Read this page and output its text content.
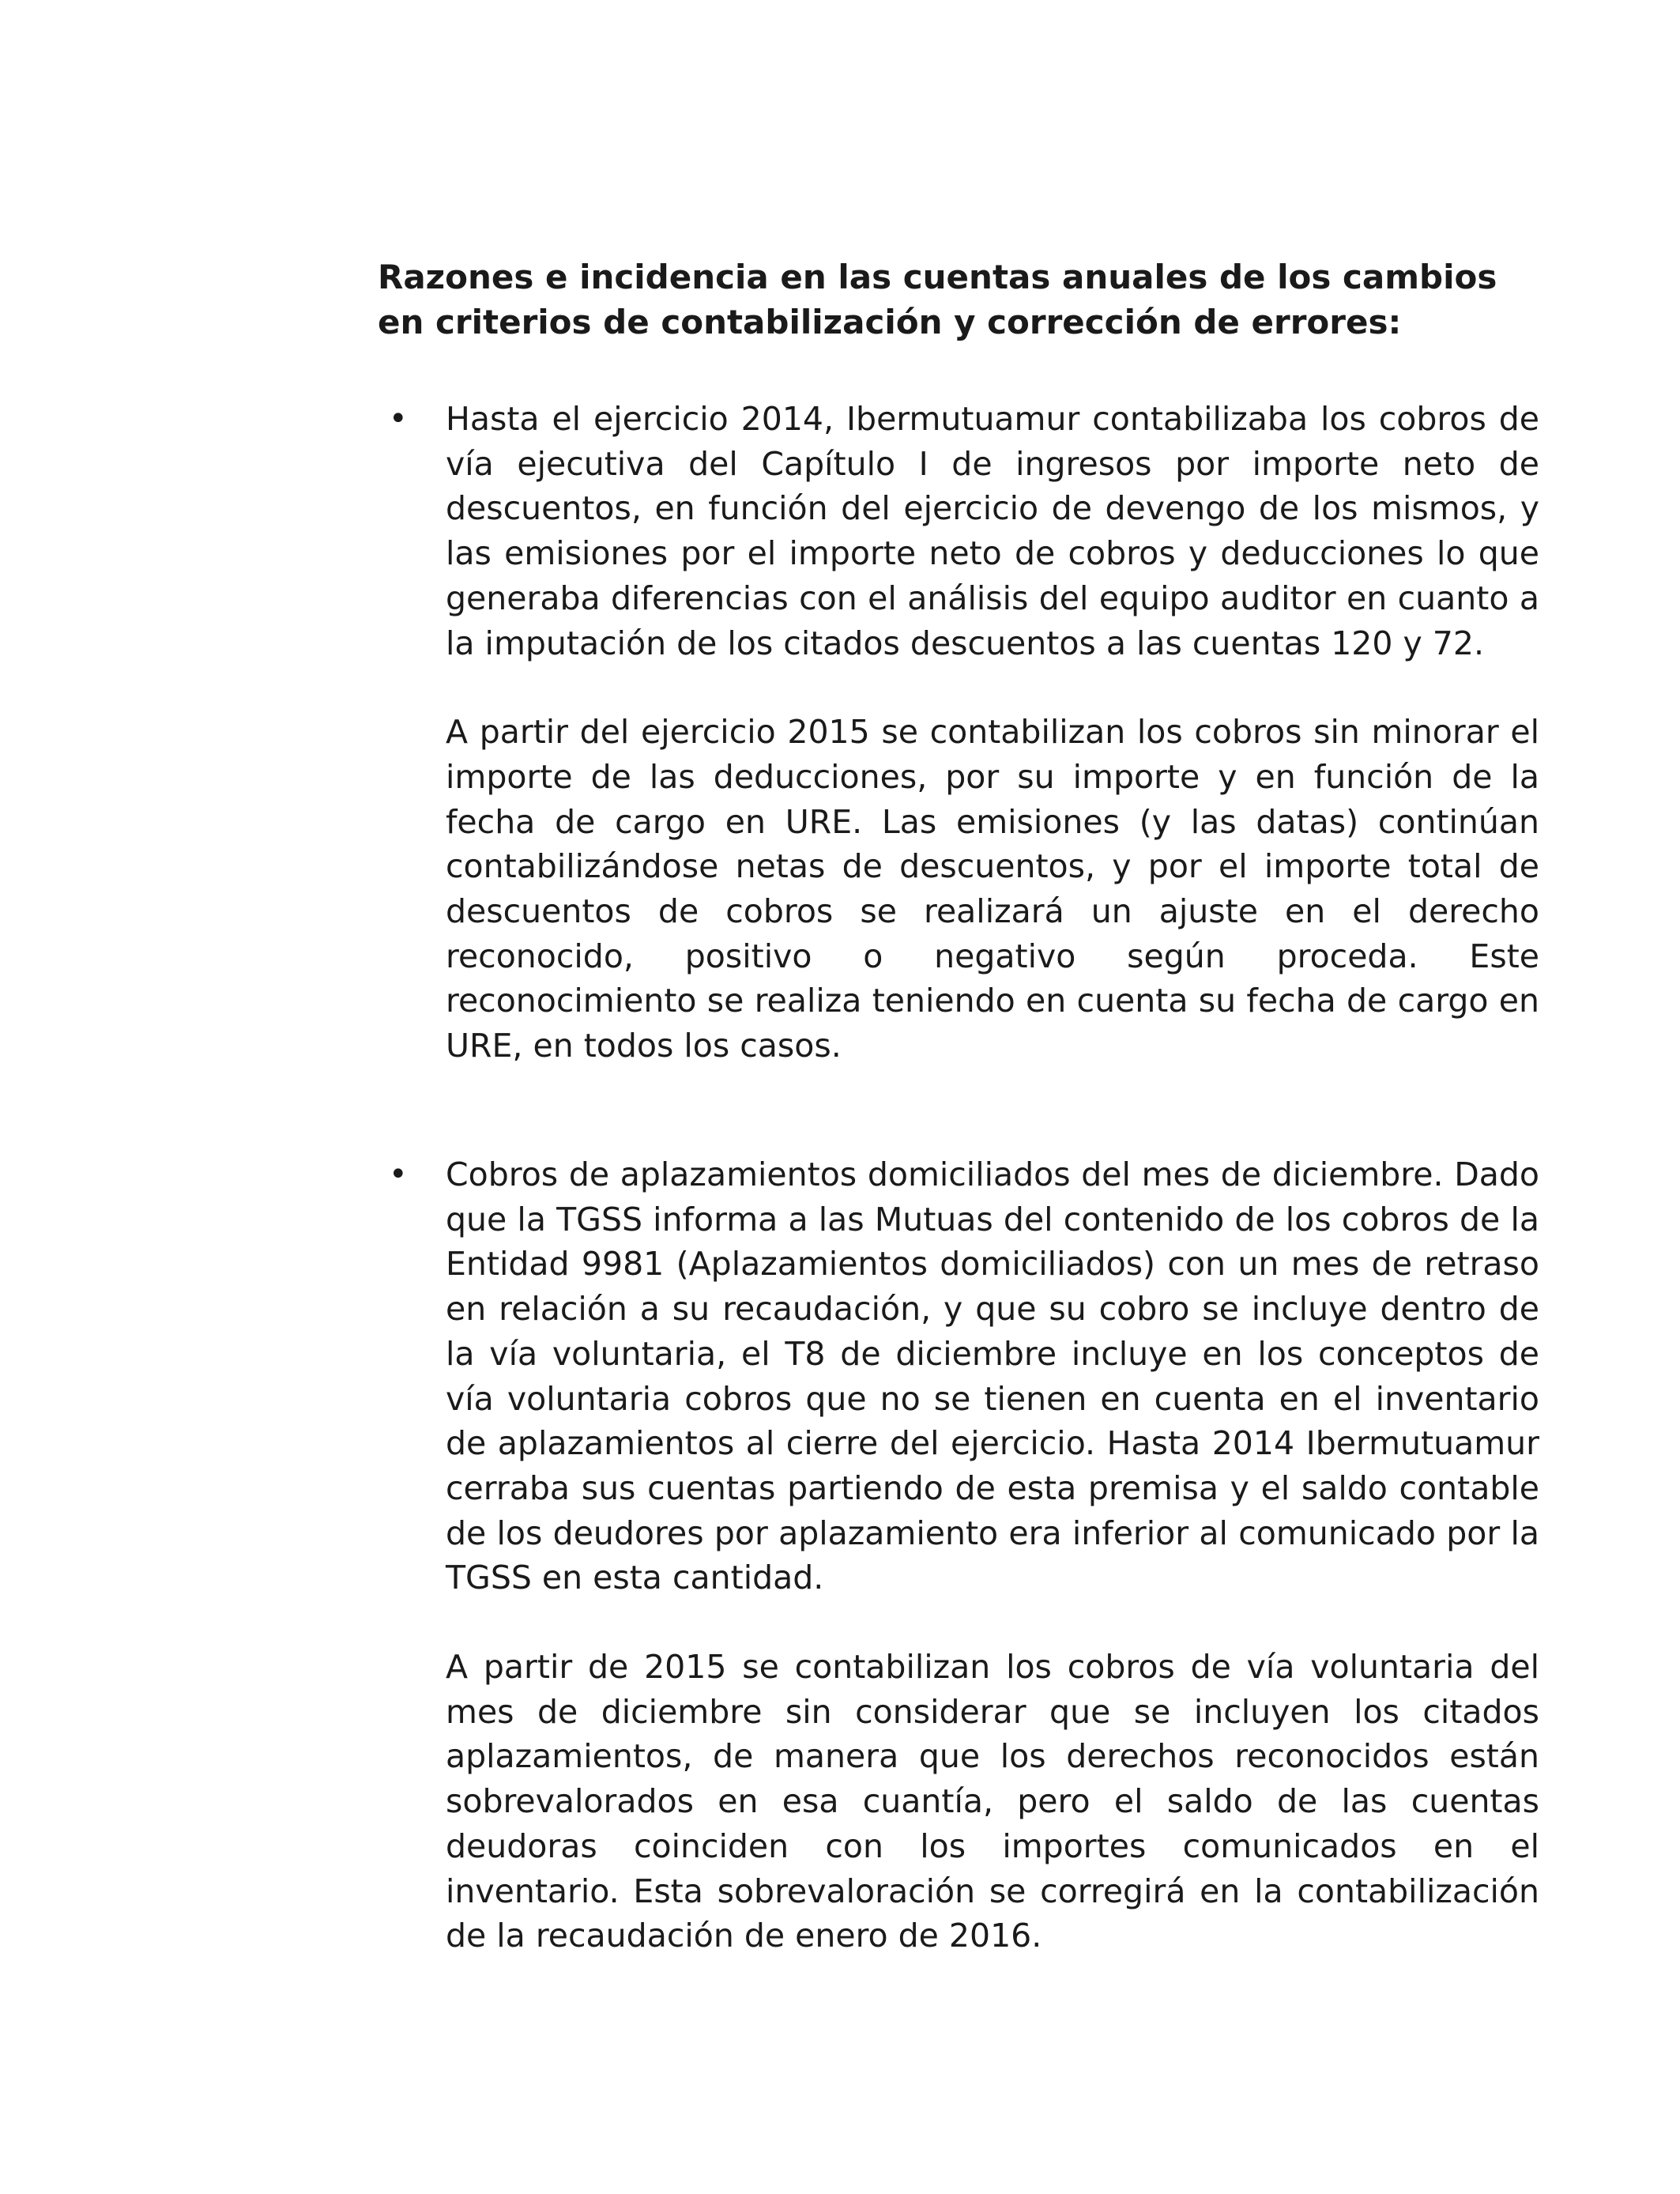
Razones e incidencia en las cuentas anuales de los cambios en criterios de contabilización y corrección de errores:
• Hasta el ejercicio 2014, Ibermutuamur contabilizaba los cobros de vía ejecutiva del Capítulo I de ingresos por importe neto de descuentos, en función del ejercicio de devengo de los mismos, y las emisiones por el importe neto de cobros y deducciones lo que generaba diferencias con el análisis del equipo auditor en cuanto a la imputación de los citados descuentos a las cuentas 120 y 72.

A partir del ejercicio 2015 se contabilizan los cobros sin minorar el importe de las deducciones, por su importe y en función de la fecha de cargo en URE. Las emisiones (y las datas) continúan contabilizándose netas de descuentos, y por el importe total de descuentos de cobros se realizará un ajuste en el derecho reconocido, positivo o negativo según proceda. Este reconocimiento se realiza teniendo en cuenta su fecha de cargo en URE, en todos los casos.

• Cobros de aplazamientos domiciliados del mes de diciembre. Dado que la TGSS informa a las Mutuas del contenido de los cobros de la Entidad 9981 (Aplazamientos domiciliados) con un mes de retraso en relación a su recaudación, y que su cobro se incluye dentro de la vía voluntaria, el T8 de diciembre incluye en los conceptos de vía voluntaria cobros que no se tienen en cuenta en el inventario de aplazamientos al cierre del ejercicio. Hasta 2014 Ibermutuamur cerraba sus cuentas partiendo de esta premisa y el saldo contable de los deudores por aplazamiento era inferior al comunicado por la TGSS en esta cantidad.

A partir de 2015 se contabilizan los cobros de vía voluntaria del mes de diciembre sin considerar que se incluyen los citados aplazamientos, de manera que los derechos reconocidos están sobrevalorados en esa cuantía, pero el saldo de las cuentas deudoras coinciden con los importes comunicados en el inventario. Esta sobrevaloración se corregirá en la contabilización de la recaudación de enero de 2016.
